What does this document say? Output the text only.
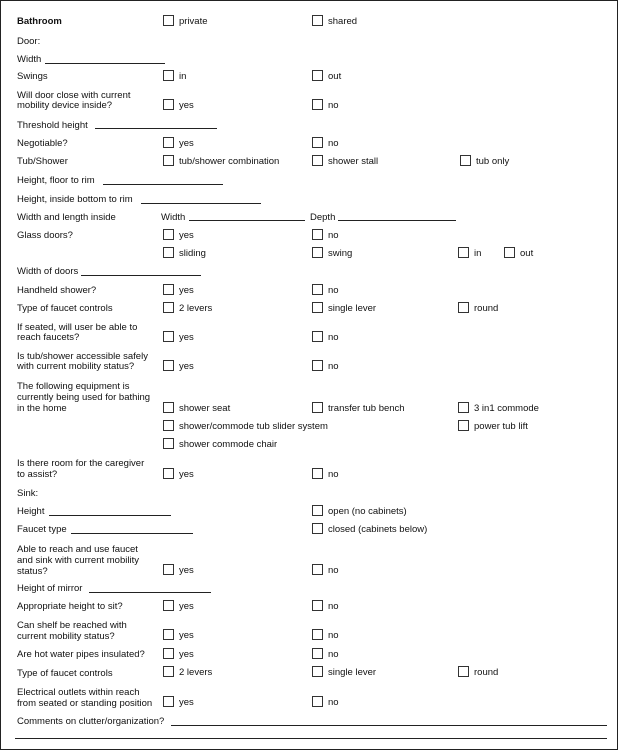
Bathroom	private	shared
Door:
Width
Swings	in	out
Will door close with current
mobility device inside?	yes	no
Threshold height
Negotiable?	yes	no
Tub/Shower	tub/shower combination	shower stall	tub only
Height, floor to rim
Height, inside bottom to rim
Width and length inside	Width	Depth
Glass doors?	yes	no
sliding	swing	in	out
Width of doors
Handheld shower?	yes	no
Type of faucet controls	2 levers	single lever	round
If seated, will user be able to
reach faucets?	yes	no
Is tub/shower accessible safely
with current mobility status?	yes	no
The following equipment is
currently being used for bathing
in the home	shower seat	transfer tub bench	3 in1 commode
shower/commode tub slider system	power tub lift
shower commode chair
Is there room for the caregiver
to assist?	yes	no
Sink:
Height	open (no cabinets)
Faucet type	closed (cabinets below)
Able to reach and use faucet
and sink with current mobility
status?	yes	no
Height of mirror
Appropriate height to sit?	yes	no
Can shelf be reached with
current mobility status?	yes	no
Are hot water pipes insulated?	yes	no
Type of faucet controls	2 levers	single lever	round
Electrical outlets within reach
from seated or standing position	yes	no
Comments on clutter/organization?
